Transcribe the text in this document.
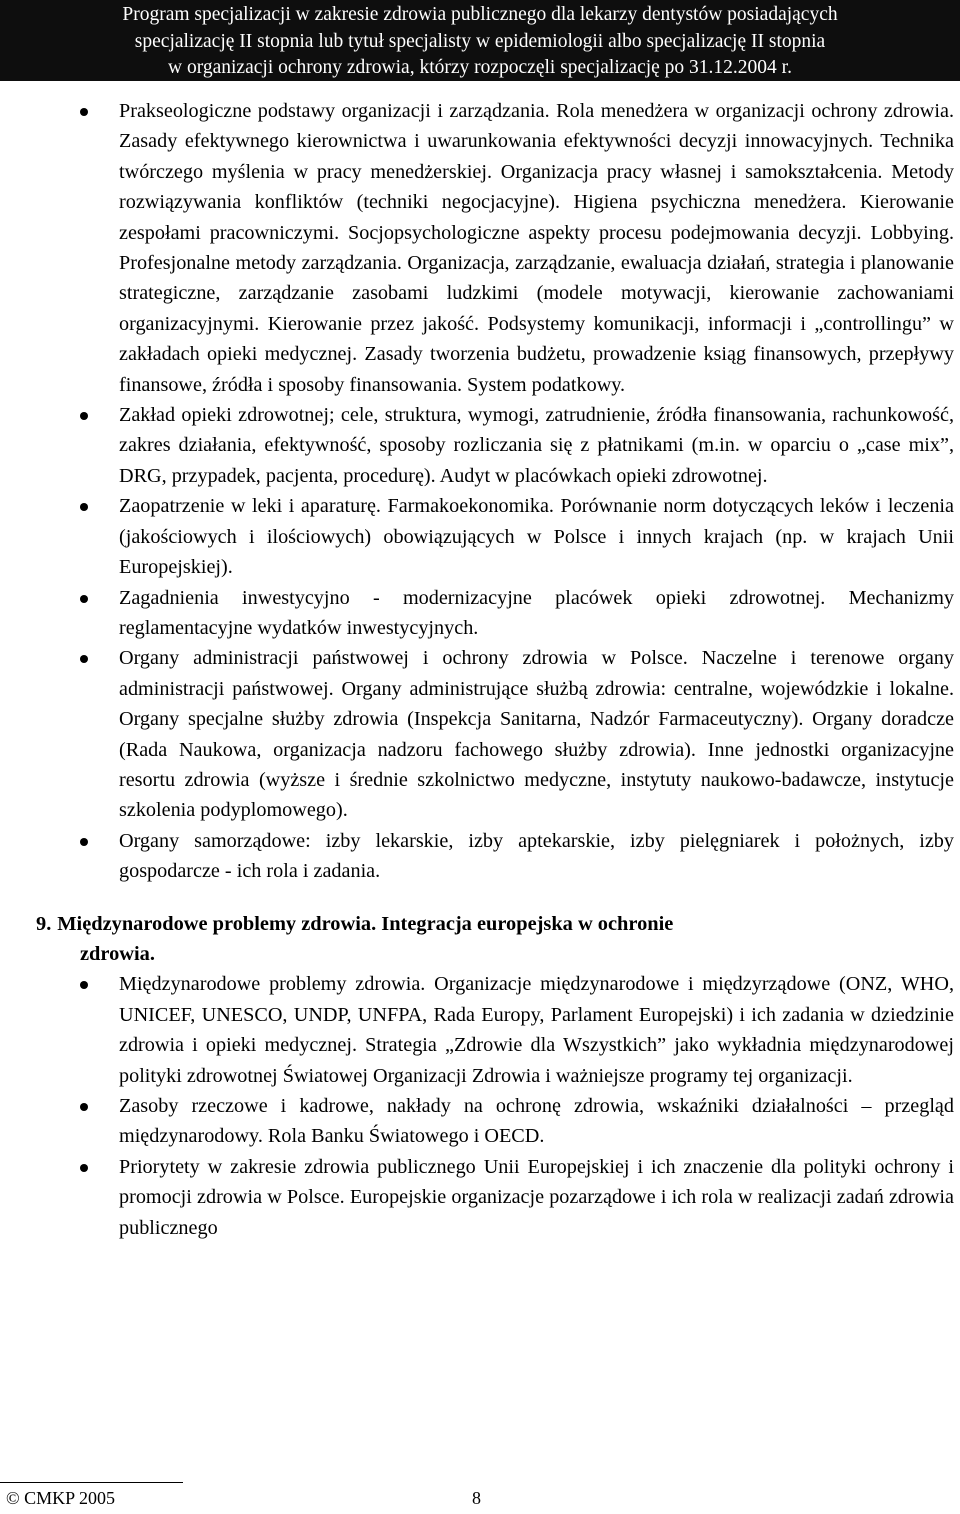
Program specjalizacji w zakresie zdrowia publicznego dla lekarzy dentystów posiadających
specjalizację II stopnia lub tytuł specjalisty w epidemiologii albo specjalizację II stopnia
w organizacji ochrony zdrowia, którzy rozpoczęli specjalizację po 31.12.2004 r.
Prakseologiczne podstawy organizacji i zarządzania. Rola menedżera w organizacji ochrony zdrowia. Zasady efektywnego kierownictwa i uwarunkowania efektywności decyzji innowacyjnych. Technika twórczego myślenia w pracy menedżerskiej. Organizacja pracy własnej i samokształcenia. Metody rozwiązywania konfliktów (techniki negocjacyjne). Higiena psychiczna menedżera. Kierowanie zespołami pracowniczymi. Socjopsychologiczne aspekty procesu podejmowania decyzji. Lobbying. Profesjonalne metody zarządzania. Organizacja, zarządzanie, ewaluacja działań, strategia i planowanie strategiczne, zarządzanie zasobami ludzkimi (modele motywacji, kierowanie zachowaniami organizacyjnymi. Kierowanie przez jakość. Podsystemy komunikacji, informacji i „controllingu” w zakładach opieki medycznej. Zasady tworzenia budżetu, prowadzenie ksiąg finansowych, przepływy finansowe, źródła i sposoby finansowania. System podatkowy.
Zakład opieki zdrowotnej; cele, struktura, wymogi, zatrudnienie, źródła finansowania, rachunkowość, zakres działania, efektywność, sposoby rozliczania się z płatnikami (m.in. w oparciu o „case mix”, DRG, przypadek, pacjenta, procedurę). Audyt w placówkach opieki zdrowotnej.
Zaopatrzenie w leki i aparaturę. Farmakoekonomika. Porównanie norm dotyczących leków i leczenia (jakościowych i ilościowych) obowiązujących w Polsce i innych krajach (np. w krajach Unii Europejskiej).
Zagadnienia inwestycyjno - modernizacyjne placówek opieki zdrowotnej. Mechanizmy reglamentacyjne wydatków inwestycyjnych.
Organy administracji państwowej i ochrony zdrowia w Polsce. Naczelne i terenowe organy administracji państwowej. Organy administrujące służbą zdrowia: centralne, wojewódzkie i lokalne. Organy specjalne służby zdrowia (Inspekcja Sanitarna, Nadzór Farmaceutyczny). Organy doradcze (Rada Naukowa, organizacja nadzoru fachowego służby zdrowia). Inne jednostki organizacyjne resortu zdrowia (wyższe i średnie szkolnictwo medyczne, instytuty naukowo-badawcze, instytucje szkolenia podyplomowego).
Organy samorządowe: izby lekarskie, izby aptekarskie, izby pielęgniarek i położnych, izby gospodarcze - ich rola i zadania.
9. Międzynarodowe problemy zdrowia. Integracja europejska w ochronie
zdrowia.
Międzynarodowe problemy zdrowia. Organizacje międzynarodowe i międzyrządowe (ONZ, WHO, UNICEF, UNESCO, UNDP, UNFPA, Rada Europy, Parlament Europejski) i ich zadania w dziedzinie zdrowia i opieki medycznej. Strategia „Zdrowie dla Wszystkich” jako wykładnia międzynarodowej polityki zdrowotnej Światowej Organizacji Zdrowia i ważniejsze programy tej organizacji.
Zasoby rzeczowe i kadrowe, nakłady na ochronę zdrowia, wskaźniki działalności – przegląd międzynarodowy. Rola Banku Światowego i OECD.
Priorytety w zakresie zdrowia publicznego Unii Europejskiej i ich znaczenie dla polityki ochrony i promocji zdrowia w Polsce. Europejskie organizacje pozarządowe i ich rola w realizacji zadań zdrowia publicznego
© CMKP 2005	8
